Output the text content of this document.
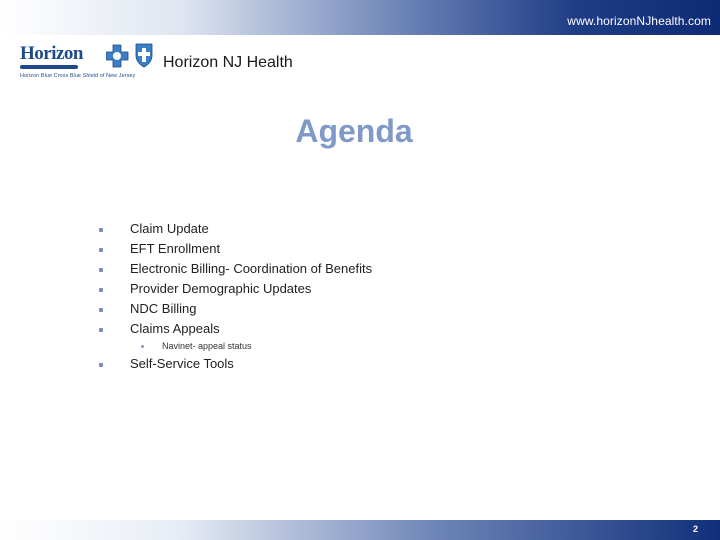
www.horizonNJhealth.com
Horizon
Horizon Blue Cross Blue Shield of New Jersey
Horizon NJ Health
Agenda
Claim Update
EFT Enrollment
Electronic Billing- Coordination of Benefits
Provider Demographic Updates
NDC Billing
Claims Appeals
Navinet- appeal status
Self-Service Tools
2
